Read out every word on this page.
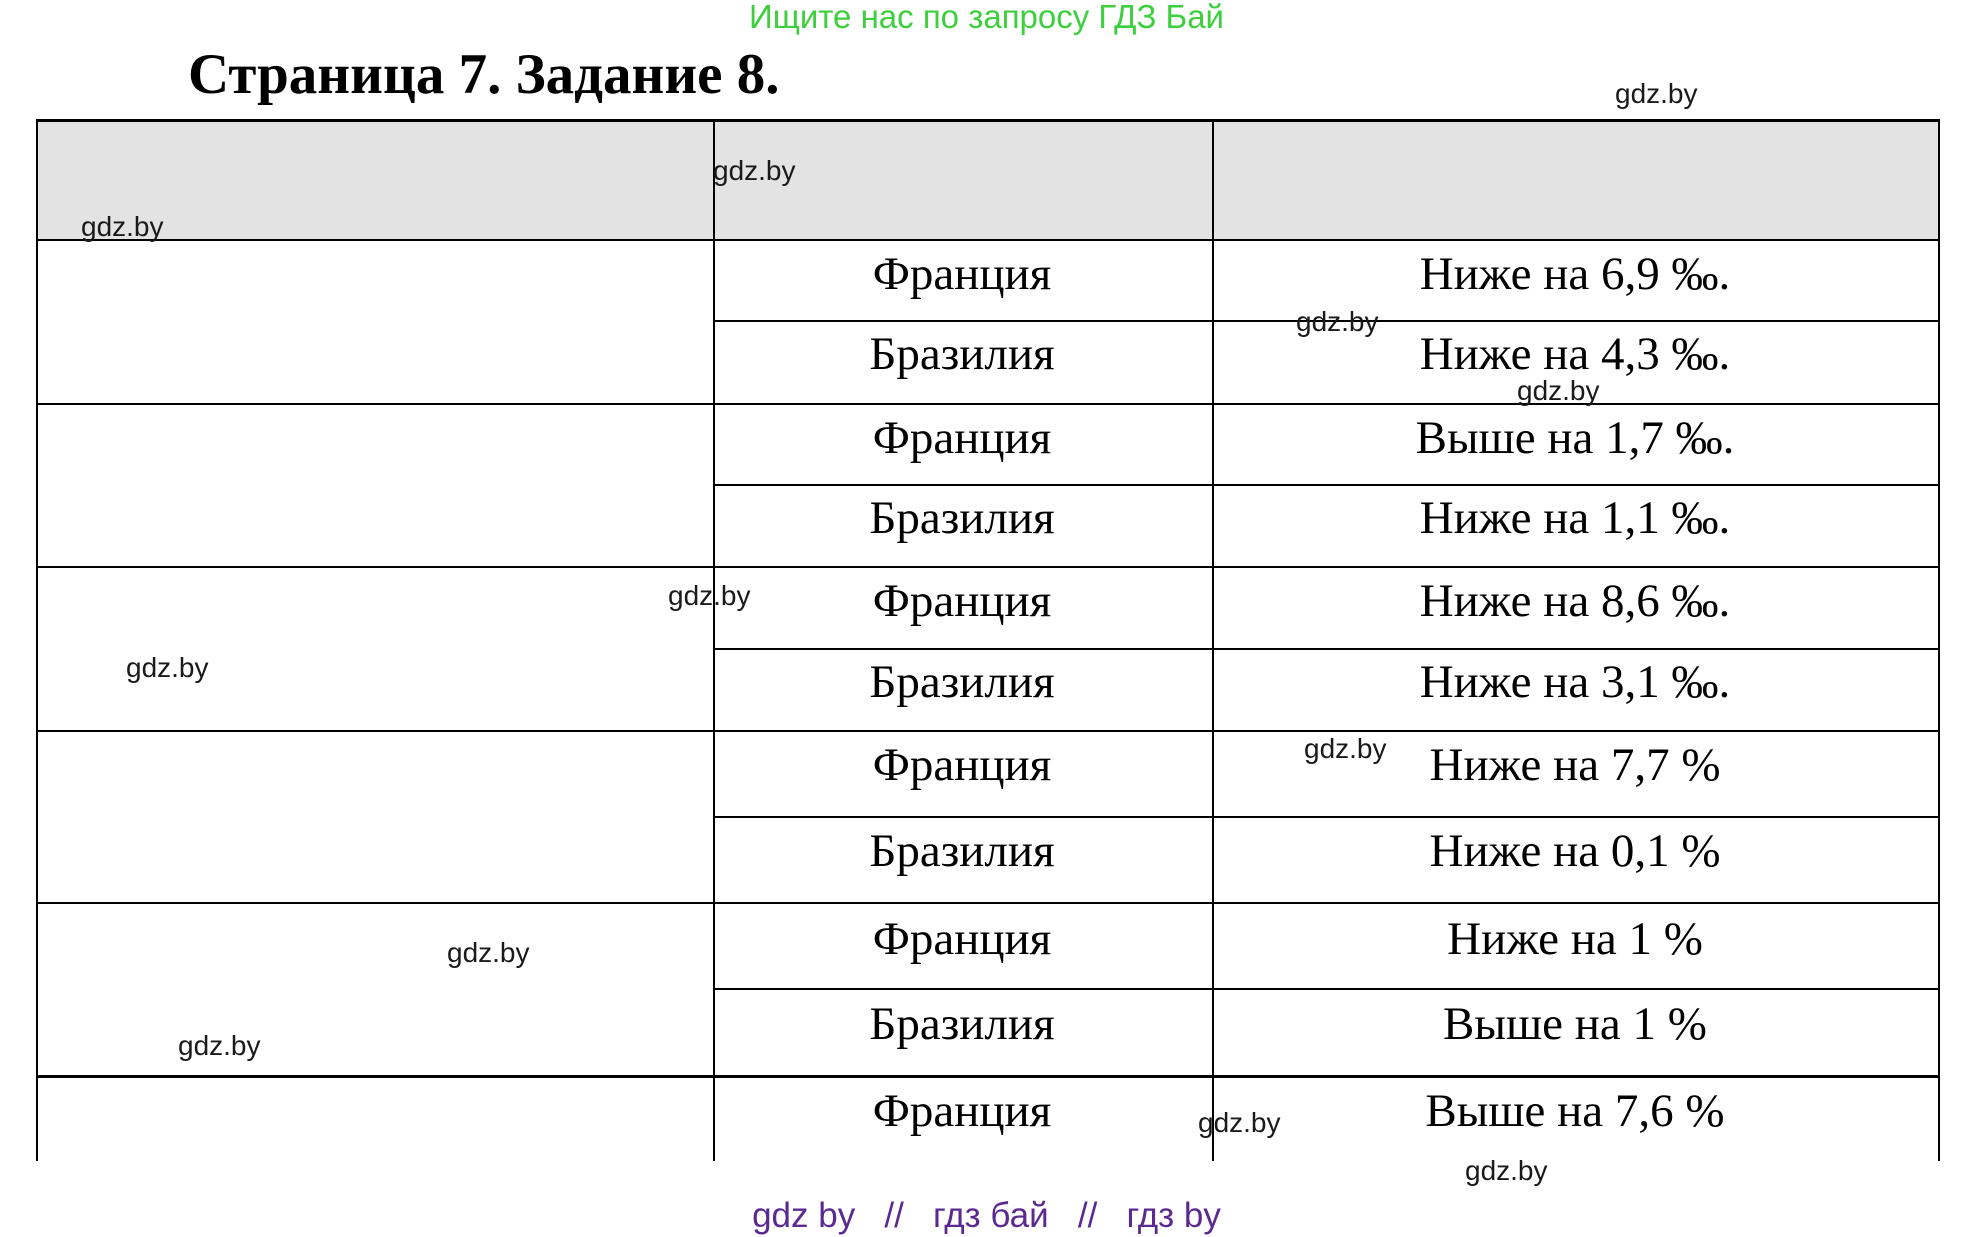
Ищите нас по запросу ГДЗ Бай
Страница 7. Задание 8.
Франция
Бразилия
Франция
Бразилия
Франция
Бразилия
Франция
Бразилия
Франция
Бразилия
Франция
Ниже на 6,9 ‰.
Ниже на 4,3 ‰.
Выше на 1,7 ‰.
Ниже на 1,1 ‰.
Ниже на 8,6 ‰.
Ниже на 3,1 ‰.
Ниже на 7,7 %
Ниже на 0,1 %
Ниже на 1 %
Выше на 1 %
Выше на 7,6 %
gdz.by
gdz.by
gdz.by
gdz.by
gdz.by
gdz.by
gdz.by
gdz.by
gdz.by
gdz.by
gdz.by
gdz.by
gdz by // гдз бай // гдз by
